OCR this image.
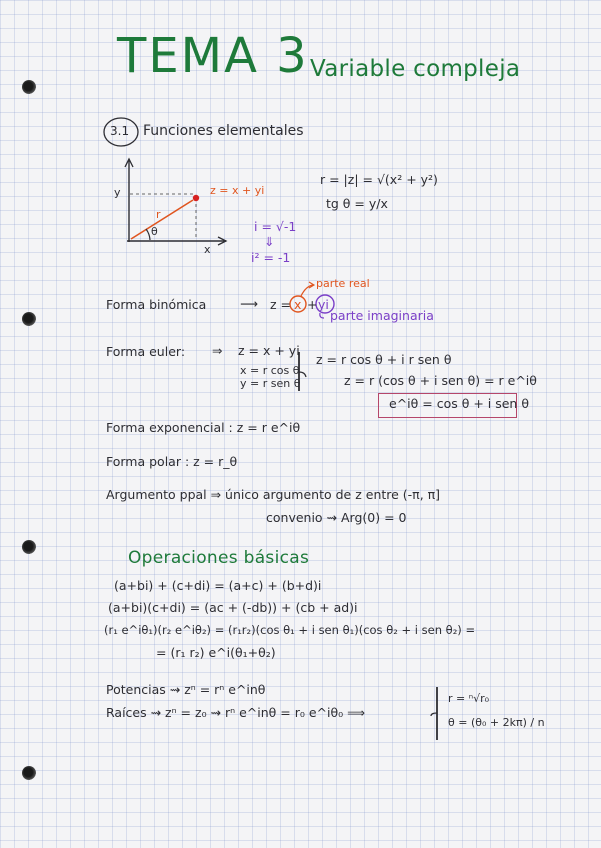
TEMA 3 Variable compleja
3.1 Funciones elementales
y
x
z = x + yi
r
θ
r = |z| = √(x² + y²)
tg θ = y/x
i = √-1
⇓
i² = -1
Forma binómica	⟶ z = x + yi
parte real
parte imaginaria
Forma euler: ⇒ z = x + yi
x = r cos θ
y = r sen θ
z = r cos θ + i r sen θ
z = r (cos θ + i sen θ) = r e^iθ
e^iθ = cos θ + i sen θ
Forma exponencial : z = r e^iθ
Forma polar : z = r_θ
Argumento ppal ⇒ único argumento de z entre (-π, π]
convenio ⇝ Arg(0) = 0
Operaciones básicas
(a+bi) + (c+di) = (a+c) + (b+d)i
(a+bi)(c+di) = (ac + (-db)) + (cb + ad)i
(r₁ e^iθ₁)(r₂ e^iθ₂) = (r₁r₂)(cos θ₁ + i sen θ₁)(cos θ₂ + i sen θ₂) =
= (r₁ r₂) e^i(θ₁+θ₂)
Potencias ⇝ zⁿ = rⁿ e^inθ
Raíces ⇝ zⁿ = z₀ ⇝ rⁿ e^inθ = r₀ e^iθ₀ ⟹
r = ⁿ√r₀
θ = (θ₀ + 2kπ) / n
